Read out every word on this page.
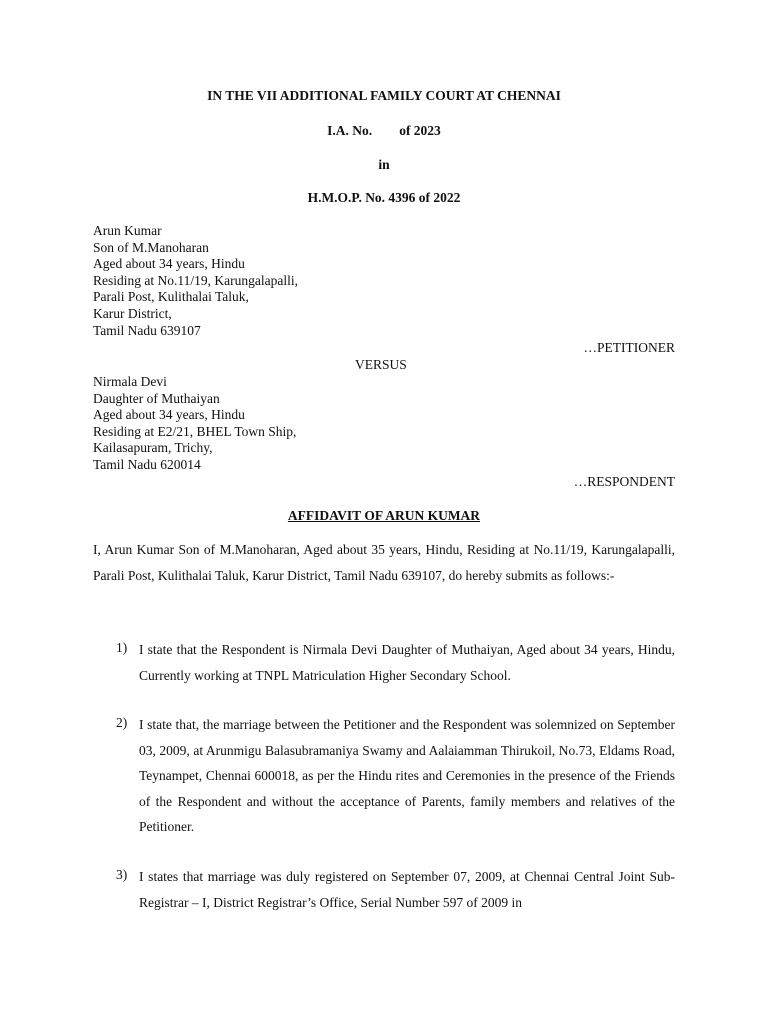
IN THE VII ADDITIONAL FAMILY COURT AT CHENNAI
I.A. No. of 2023
in
H.M.O.P. No. 4396 of 2022
Arun Kumar
Son of M.Manoharan
Aged about 34 years, Hindu
Residing at No.11/19, Karungalapalli,
Parali Post, Kulithalai Taluk,
Karur District,
Tamil Nadu 639107
…PETITIONER
VERSUS
Nirmala Devi
Daughter of Muthaiyan
Aged about 34 years, Hindu
Residing at E2/21, BHEL Town Ship,
Kailasapuram, Trichy,
Tamil Nadu 620014
…RESPONDENT
AFFIDAVIT OF ARUN KUMAR
I, Arun Kumar Son of M.Manoharan, Aged about 35 years, Hindu, Residing at No.11/19, Karungalapalli, Parali Post, Kulithalai Taluk, Karur District, Tamil Nadu 639107, do hereby submits as follows:-
1) I state that the Respondent is Nirmala Devi Daughter of Muthaiyan, Aged about 34 years, Hindu, Currently working at TNPL Matriculation Higher Secondary School.
2) I state that, the marriage between the Petitioner and the Respondent was solemnized on September 03, 2009, at Arunmigu Balasubramaniya Swamy and Aalaiamman Thirukoil, No.73, Eldams Road, Teynampet, Chennai 600018, as per the Hindu rites and Ceremonies in the presence of the Friends of the Respondent and without the acceptance of Parents, family members and relatives of the Petitioner.
3) I states that marriage was duly registered on September 07, 2009, at Chennai Central Joint Sub-Registrar – I, District Registrar’s Office, Serial Number 597 of 2009 in
